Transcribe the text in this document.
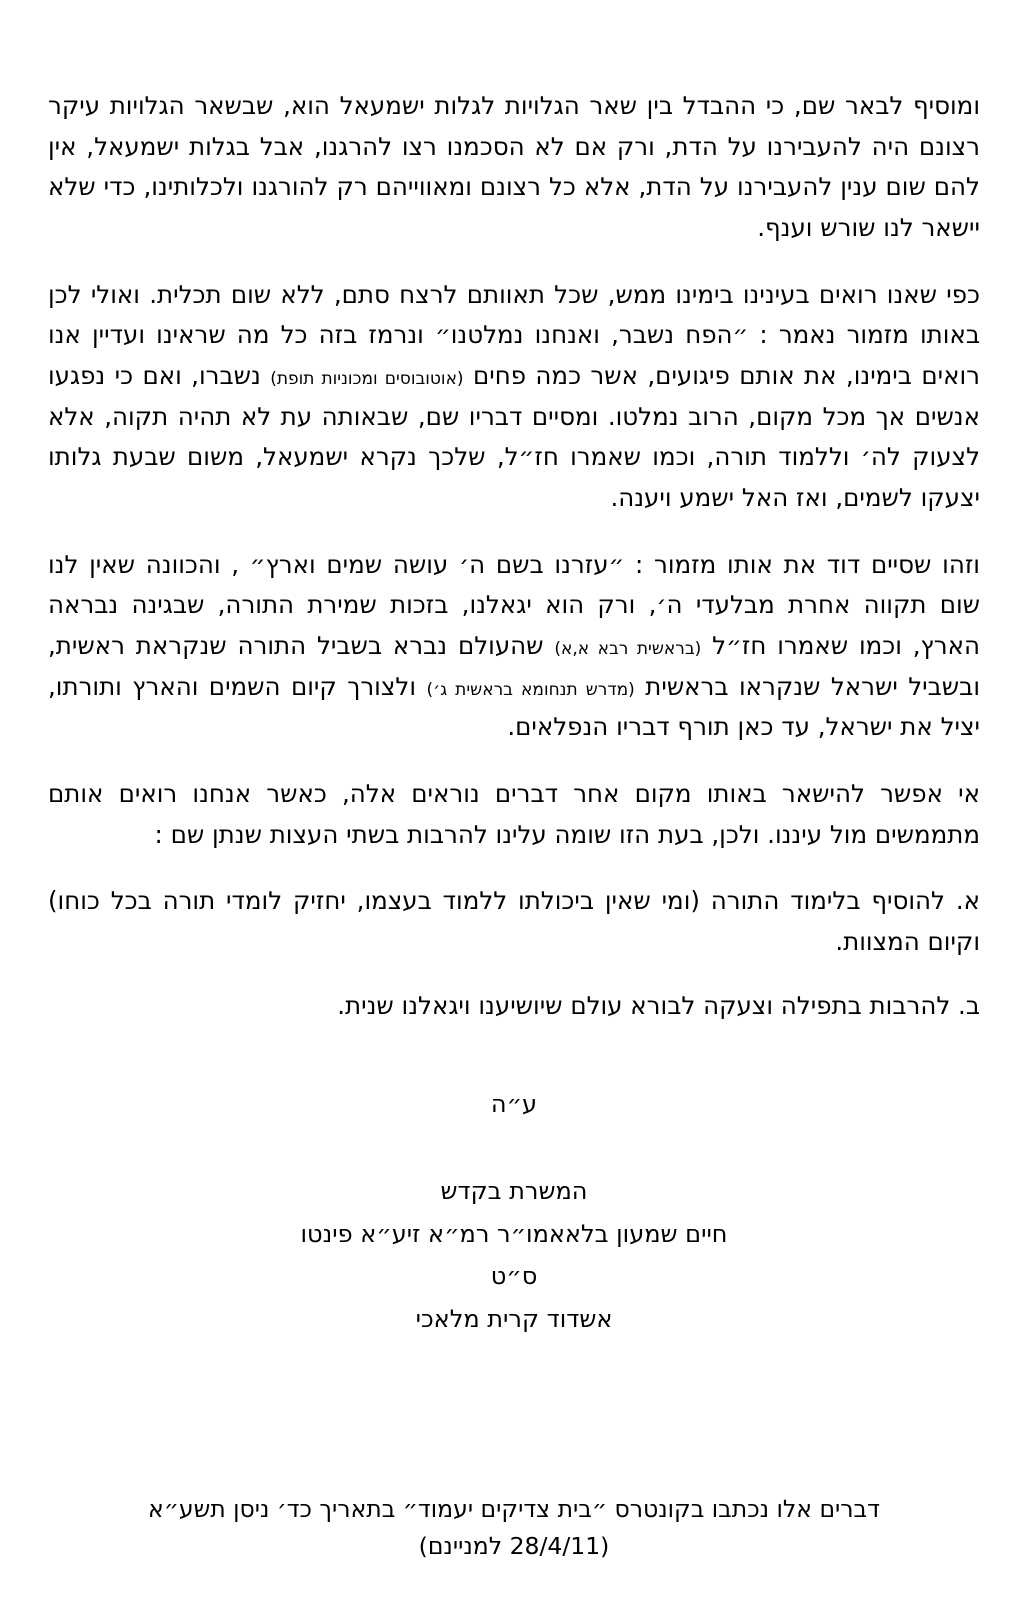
ומוסיף לבאר שם, כי ההבדל בין שאר הגלויות לגלות ישמעאל הוא, שבשאר הגלויות עיקר רצונם היה להעבירנו על הדת, ורק אם לא הסכמנו רצו להרגנו, אבל בגלות ישמעאל, אין להם שום ענין להעבירנו על הדת, אלא כל רצונם ומאווייהם רק להורגנו ולכלותינו, כדי שלא יישאר לנו שורש וענף.

כפי שאנו רואים בעינינו בימינו ממש, שכל תאוותם לרצח סתם, ללא שום תכלית. ואולי לכן באותו מזמור נאמר : ״הפח נשבר, ואנחנו נמלטנו״ ונרמז בזה כל מה שראינו ועדיין אנו רואים בימינו, את אותם פיגועים, אשר כמה פחים (אוטובוסים ומכוניות תופת) נשברו, ואם כי נפגעו אנשים אך מכל מקום, הרוב נמלטו. ומסיים דבריו שם, שבאותה עת לא תהיה תקוה, אלא לצעוק לה׳ וללמוד תורה, וכמו שאמרו חז״ל, שלכך נקרא ישמעאל, משום שבעת גלותו יצעקו לשמים, ואז האל ישמע ויענה.

וזהו שסיים דוד את אותו מזמור : ״עזרנו בשם ה׳ עושה שמים וארץ״ , והכוונה שאין לנו שום תקווה אחרת מבלעדי ה׳, ורק הוא יגאלנו, בזכות שמירת התורה, שבגינה נבראה הארץ, וכמו שאמרו חז״ל (בראשית רבא א,א) שהעולם נברא בשביל התורה שנקראת ראשית, ובשביל ישראל שנקראו בראשית (מדרש תנחומא בראשית ג׳) ולצורך קיום השמים והארץ ותורתו, יציל את ישראל, עד כאן תורף דבריו הנפלאים.

אי אפשר להישאר באותו מקום אחר דברים נוראים אלה, כאשר אנחנו רואים אותם מתממשים מול עיננו. ולכן, בעת הזו שומה עלינו להרבות בשתי העצות שנתן שם :

א. להוסיף בלימוד התורה (ומי שאין ביכולתו ללמוד בעצמו, יחזיק לומדי תורה בכל כוחו) וקיום המצוות.

ב. להרבות בתפילה וצעקה לבורא עולם שיושיענו ויגאלנו שנית.

ע״ה

המשרת בקדש

חיים שמעון בלאאמו״ר רמ״א זיע״א פינטו

ס״ט

אשדוד קרית מלאכי

דברים אלו נכתבו בקונטרס ״בית צדיקים יעמוד״ בתאריך כד׳ ניסן תשע״א
(28/4/11 למניינם)
